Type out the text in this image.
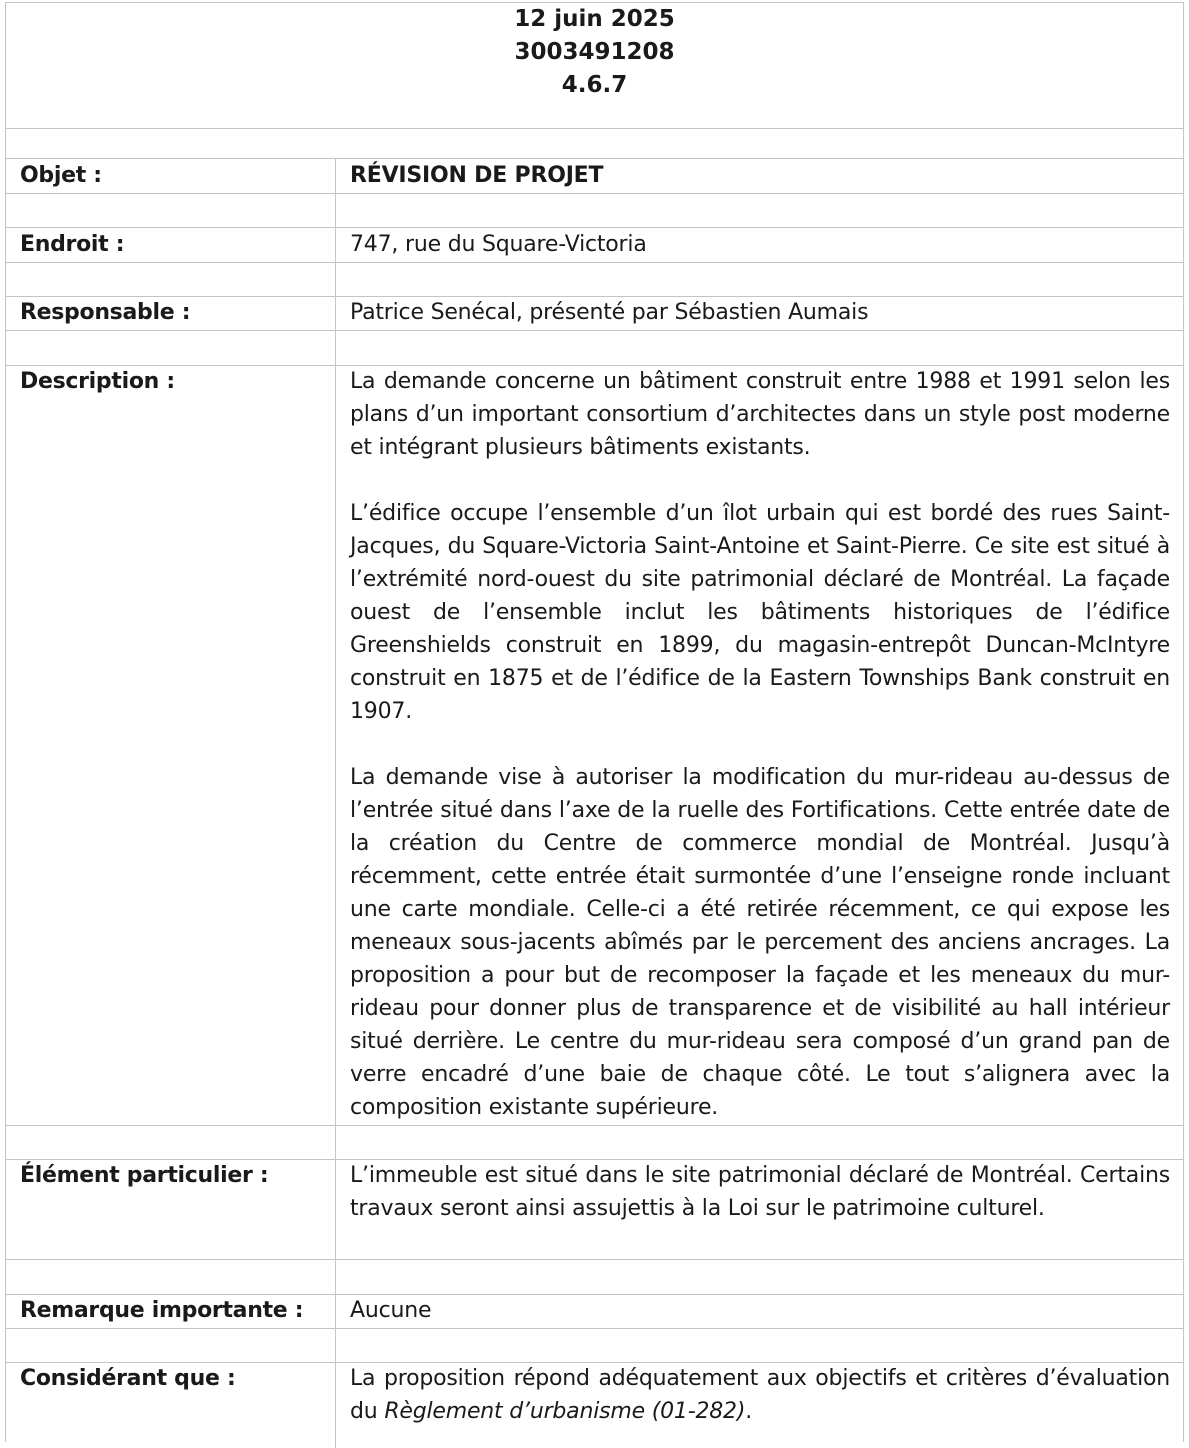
12 juin 2025
3003491208
4.6.7
Objet :	RÉVISION DE PROJET
Endroit :	747, rue du Square-Victoria
Responsable :	Patrice Senécal, présenté par Sébastien Aumais
Description :	La demande concerne un bâtiment construit entre 1988 et 1991 selon les plans d’un important consortium d’architectes dans un style post moderne et intégrant plusieurs bâtiments existants.

L’édifice occupe l’ensemble d’un îlot urbain qui est bordé des rues Saint-Jacques, du Square-Victoria Saint-Antoine et Saint-Pierre. Ce site est situé à l’extrémité nord-ouest du site patrimonial déclaré de Montréal. La façade ouest de l’ensemble inclut les bâtiments historiques de l’édifice Greenshields construit en 1899, du magasin-entrepôt Duncan-McIntyre construit en 1875 et de l’édifice de la Eastern Townships Bank construit en 1907.

La demande vise à autoriser la modification du mur-rideau au-dessus de l’entrée situé dans l’axe de la ruelle des Fortifications. Cette entrée date de la création du Centre de commerce mondial de Montréal. Jusqu’à récemment, cette entrée était surmontée d’une l’enseigne ronde incluant une carte mondiale. Celle-ci a été retirée récemment, ce qui expose les meneaux sous-jacents abîmés par le percement des anciens ancrages. La proposition a pour but de recomposer la façade et les meneaux du mur-rideau pour donner plus de transparence et de visibilité au hall intérieur situé derrière. Le centre du mur-rideau sera composé d’un grand pan de verre encadré d’une baie de chaque côté. Le tout s’alignera avec la composition existante supérieure.

Élément particulier :	L’immeuble est situé dans le site patrimonial déclaré de Montréal. Certains travaux seront ainsi assujettis à la Loi sur le patrimoine culturel.
Remarque importante : Aucune
Considérant que :	La proposition répond adéquatement aux objectifs et critères d’évaluation du Règlement d’urbanisme (01-282).
